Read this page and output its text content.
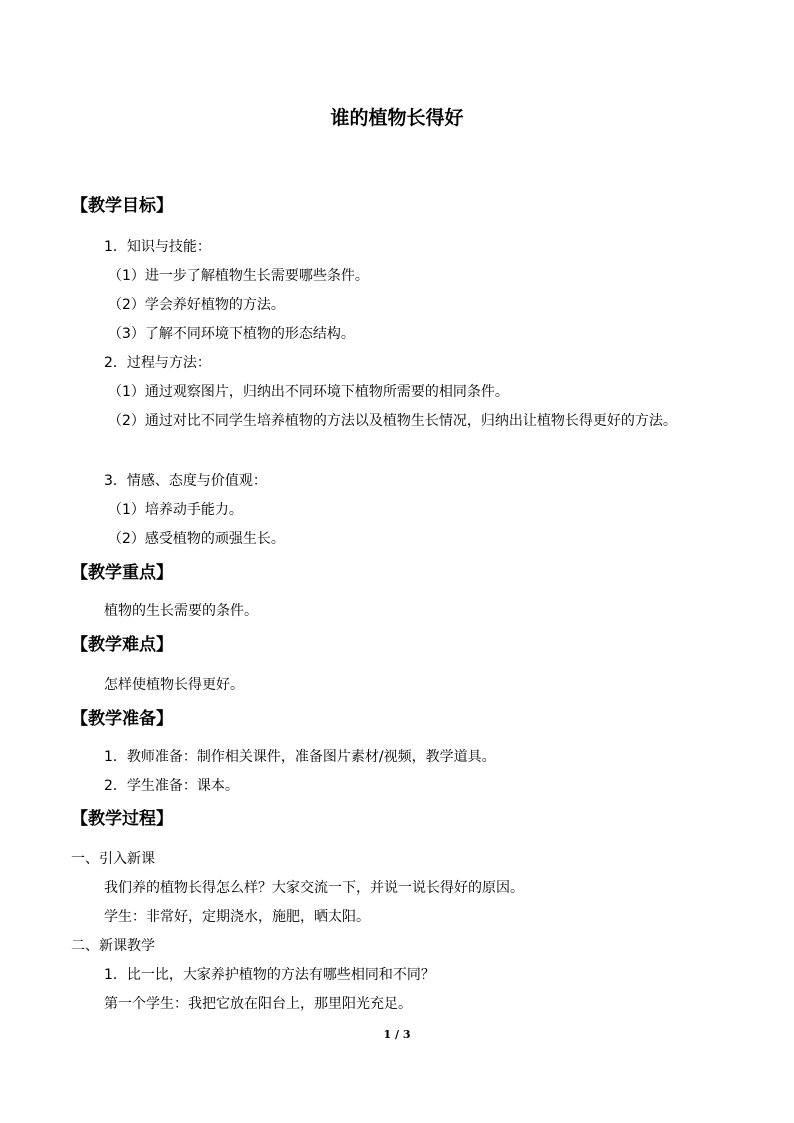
谁的植物长得好
【教学目标】
1．知识与技能：
（1）进一步了解植物生长需要哪些条件。
（2）学会养好植物的方法。
（3）了解不同环境下植物的形态结构。
2．过程与方法：
（1）通过观察图片，归纳出不同环境下植物所需要的相同条件。
（2）通过对比不同学生培养植物的方法以及植物生长情况，归纳出让植物长得更好的方法。
3．情感、态度与价值观：
（1）培养动手能力。
（2）感受植物的顽强生长。
【教学重点】
植物的生长需要的条件。
【教学难点】
怎样使植物长得更好。
【教学准备】
1．教师准备：制作相关课件，准备图片素材/视频，教学道具。
2．学生准备：课本。
【教学过程】
一、引入新课
我们养的植物长得怎么样？大家交流一下，并说一说长得好的原因。
学生：非常好，定期浇水，施肥，晒太阳。
二、新课教学
1．比一比，大家养护植物的方法有哪些相同和不同？
第一个学生：我把它放在阳台上，那里阳光充足。
1 / 3
